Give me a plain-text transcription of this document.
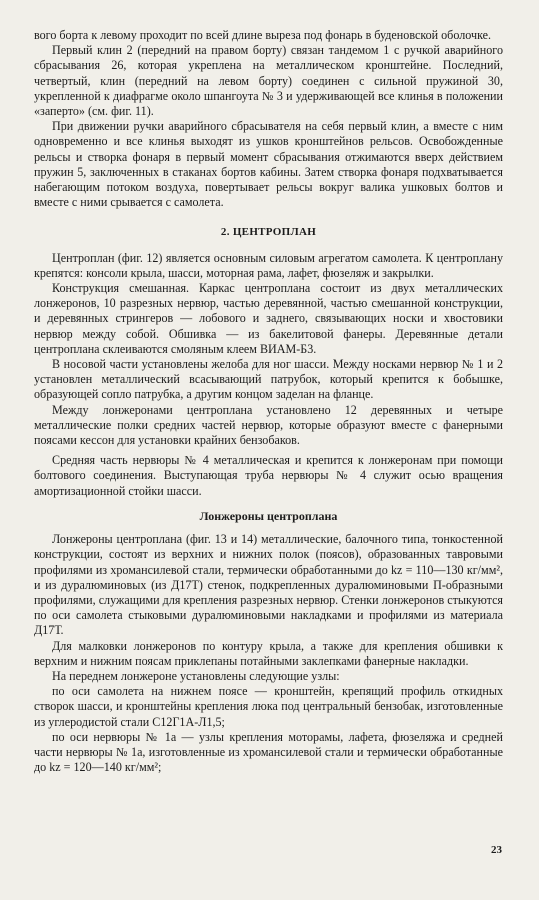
вого борта к левому проходит по всей длине выреза под фонарь в буденовской оболочке.

Первый клин 2 (передний на правом борту) связан тандемом 1 с ручкой аварийного сбрасывания 26, которая укреплена на металлическом кронштейне. Последний, четвертый, клин (передний на левом борту) соединен с сильной пружиной 30, укрепленной к диафрагме около шпангоута № 3 и удерживающей все клинья в положении «заперто» (см. фиг. 11).

При движении ручки аварийного сбрасывателя на себя первый клин, а вместе с ним одновременно и все клинья выходят из ушков кронштейнов рельсов. Освобожденные рельсы и створка фонаря в первый момент сбрасывания отжимаются вверх действием пружин 5, заключенных в стаканах бортов кабины. Затем створка фонаря подхватывается набегающим потоком воздуха, повертывает рельсы вокруг валика ушковых болтов и вместе с ними срывается с самолета.

2. ЦЕНТРОПЛАН

Центроплан (фиг. 12) является основным силовым агрегатом самолета. К центроплану крепятся: консоли крыла, шасси, моторная рама, лафет, фюзеляж и закрылки.

Конструкция смешанная. Каркас центроплана состоит из двух металлических лонжеронов, 10 разрезных нервюр, частью деревянной, частью смешанной конструкции, и деревянных стрингеров — лобового и заднего, связывающих носки и хвостовики нервюр между собой. Обшивка — из бакелитовой фанеры. Деревянные детали центроплана склеиваются смоляным клеем ВИАМ-Б3.

В носовой части установлены желоба для ног шасси. Между носками нервюр № 1 и 2 установлен металлический всасывающий патрубок, который крепится к бобышке, образующей сопло патрубка, а другим концом заделан на фланце.

Между лонжеронами центроплана установлено 12 деревянных и четыре металлические полки средних частей нервюр, которые образуют вместе с фанерными поясами кессон для установки крайних бензобаков.

Средняя часть нервюры № 4 металлическая и крепится к лонжеронам при помощи болтового соединения. Выступающая труба нервюры № 4 служит осью вращения амортизационной стойки шасси.

Лонжероны центроплана

Лонжероны центроплана (фиг. 13 и 14) металлические, балочного типа, тонкостенной конструкции, состоят из верхних и нижних полок (поясов), образованных тавровыми профилями из хромансилевой стали, термически обработанными до kz = 110—130 кг/мм², и из дуралюминовых (из Д17Т) стенок, подкрепленных дуралюминовыми П-образными профилями, служащими для крепления разрезных нервюр. Стенки лонжеронов стыкуются по оси самолета стыковыми дуралюминовыми накладками и профилями из материала Д17Т.

Для малковки лонжеронов по контуру крыла, а также для крепления обшивки к верхним и нижним поясам приклепаны потайными заклепками фанерные накладки.

На переднем лонжероне установлены следующие узлы:

по оси самолета на нижнем поясе — кронштейн, крепящий профиль откидных створок шасси, и кронштейны крепления люка под центральный бензобак, изготовленные из углеродистой стали С12Г1А-Л1,5;

по оси нервюры № 1а — узлы крепления моторамы, лафета, фюзеляжа и средней части нервюры № 1а, изготовленные из хромансилевой стали и термически обработанные до kz = 120—140 кг/мм²;

23
